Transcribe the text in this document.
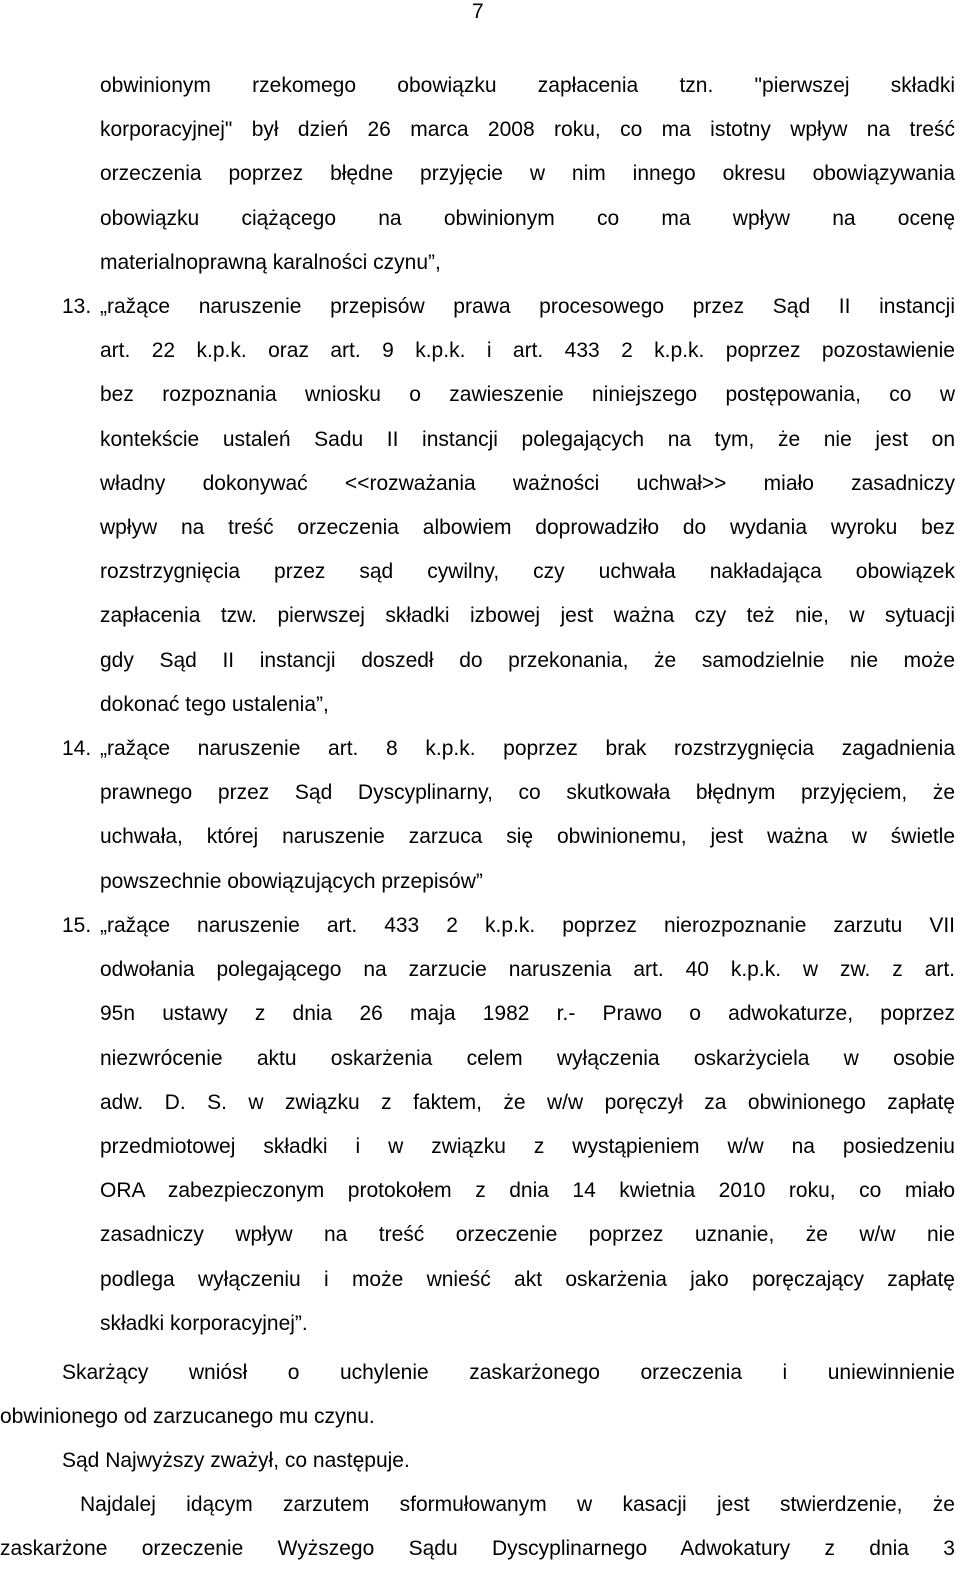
7
obwinionym rzekomego obowiązku zapłacenia tzn. "pierwszej składki
korporacyjnej" był dzień 26 marca 2008 roku, co ma istotny wpływ na treść
orzeczenia poprzez błędne przyjęcie w nim innego okresu obowiązywania
obowiązku ciążącego na obwinionym co ma wpływ na ocenę
materialnoprawną karalności czynu”,
13. „ražące naruszenie przepisów prawa procesowego przez Sąd II instancji
art. 22 k.p.k. oraz art. 9 k.p.k. i art. 433 2 k.p.k. poprzez pozostawienie
bez rozpoznania wniosku o zawieszenie niniejszego postępowania, co w
kontekście ustaleń Sadu II instancji polegających na tym, że nie jest on
władny dokonywać <<rozważania ważności uchwał>> miało zasadniczy
wpływ na treść orzeczenia albowiem doprowadziło do wydania wyroku bez
rozstrzygnięcia przez sąd cywilny, czy uchwała nakładająca obowiązek
zapłacenia tzw. pierwszej składki izbowej jest ważna czy też nie, w sytuacji
gdy Sąd II instancji doszedł do przekonania, że samodzielnie nie może
dokonać tego ustalenia”,
14. „ražące naruszenie art. 8 k.p.k. poprzez brak rozstrzygnięcia zagadnienia
prawnego przez Sąd Dyscyplinarny, co skutkowała błędnym przyjęciem, że
uchwała, której naruszenie zarzuca się obwinionemu, jest ważna w świetle
powszechnie obowiązujących przepisów”
15. „ražące naruszenie art. 433 2 k.p.k. poprzez nierozpoznanie zarzutu VII
odwołania polegającego na zarzucie naruszenia art. 40 k.p.k. w zw. z art.
95n ustawy z dnia 26 maja 1982 r.- Prawo o adwokaturze, poprzez
niezwrócenie aktu oskarżenia celem wyłączenia oskarżyciela w osobie
adw. D. S. w związku z faktem, że w/w poręczył za obwinionego zapłatę
przedmiotowej składki i w związku z wystąpieniem w/w na posiedzeniu
ORA zabezpieczonym protokołem z dnia 14 kwietnia 2010 roku, co miało
zasadniczy wpływ na treść orzeczenie poprzez uznanie, że w/w nie
podlega wyłączeniu i może wnieść akt oskarżenia jako poręczający zapłatę
składki korporacyjnej”.
Skarżący wniósł o uchylenie zaskarżonego orzeczenia i uniewinnienie
obwinionego od zarzucanego mu czynu.
Sąd Najwyższy zważył, co następuje.
Najdalej idącym zarzutem sformułowanym w kasacji jest stwierdzenie, że
zaskarżone orzeczenie Wyższego Sądu Dyscyplinarnego Adwokatury z dnia 3
